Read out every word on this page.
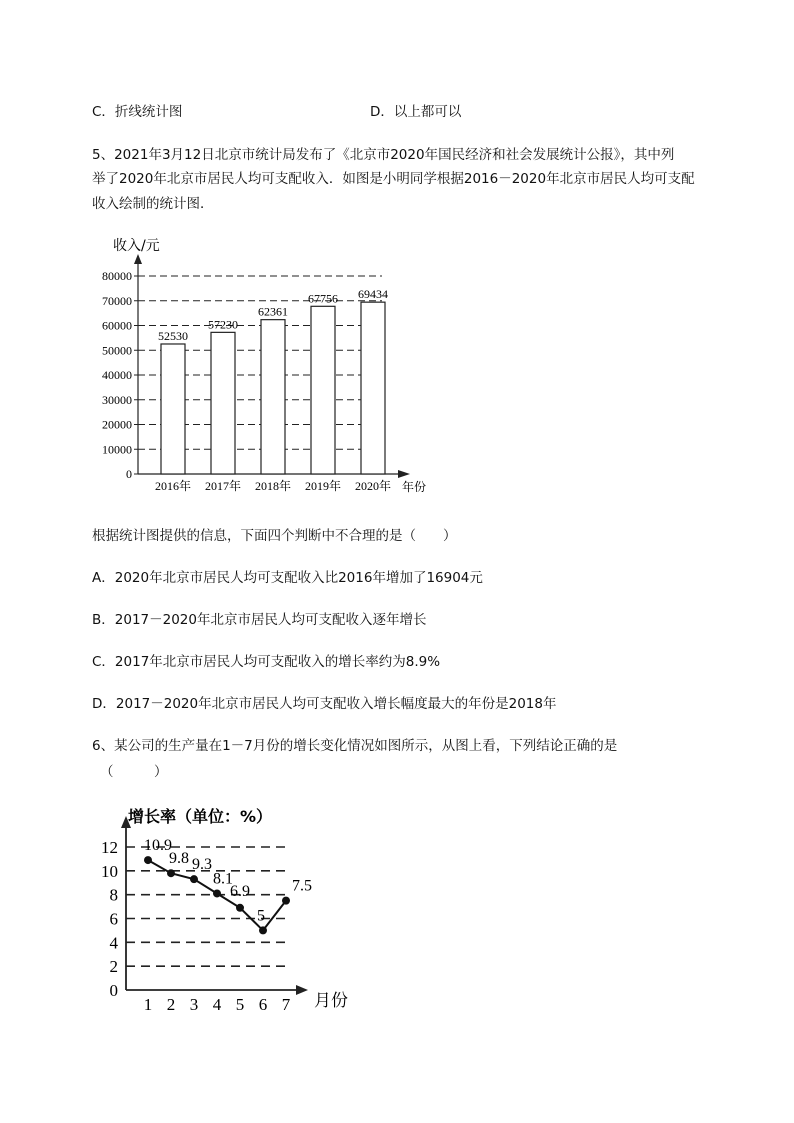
C．折线统计图	D．以上都可以
5、2021年3月12日北京市统计局发布了《北京市2020年国民经济和社会发展统计公报》，其中列
举了2020年北京市居民人均可支配收入．如图是小明同学根据2016－2020年北京市居民人均可支配
收入绘制的统计图．
收入/元
0
10000
20000
30000
40000
50000
60000
70000
80000
52530
2016年
57230
2017年
62361
2018年
67756
2019年
69434
2020年 年份
根据统计图提供的信息，下面四个判断中不合理的是（　　）
A．2020年北京市居民人均可支配收入比2016年增加了16904元
B．2017－2020年北京市居民人均可支配收入逐年增长
C．2017年北京市居民人均可支配收入的增长率约为8.9%
D．2017－2020年北京市居民人均可支配收入增长幅度最大的年份是2018年
6、某公司的生产量在1－7月份的增长变化情况如图所示，从图上看，下列结论正确的是
（　　　）
增长率（单位：%）
0
2
4
6
8
10
12
1 2 3 4 5 6 7 月份
10.9
9.8 9.3
8.1
6.9
5
7.5
